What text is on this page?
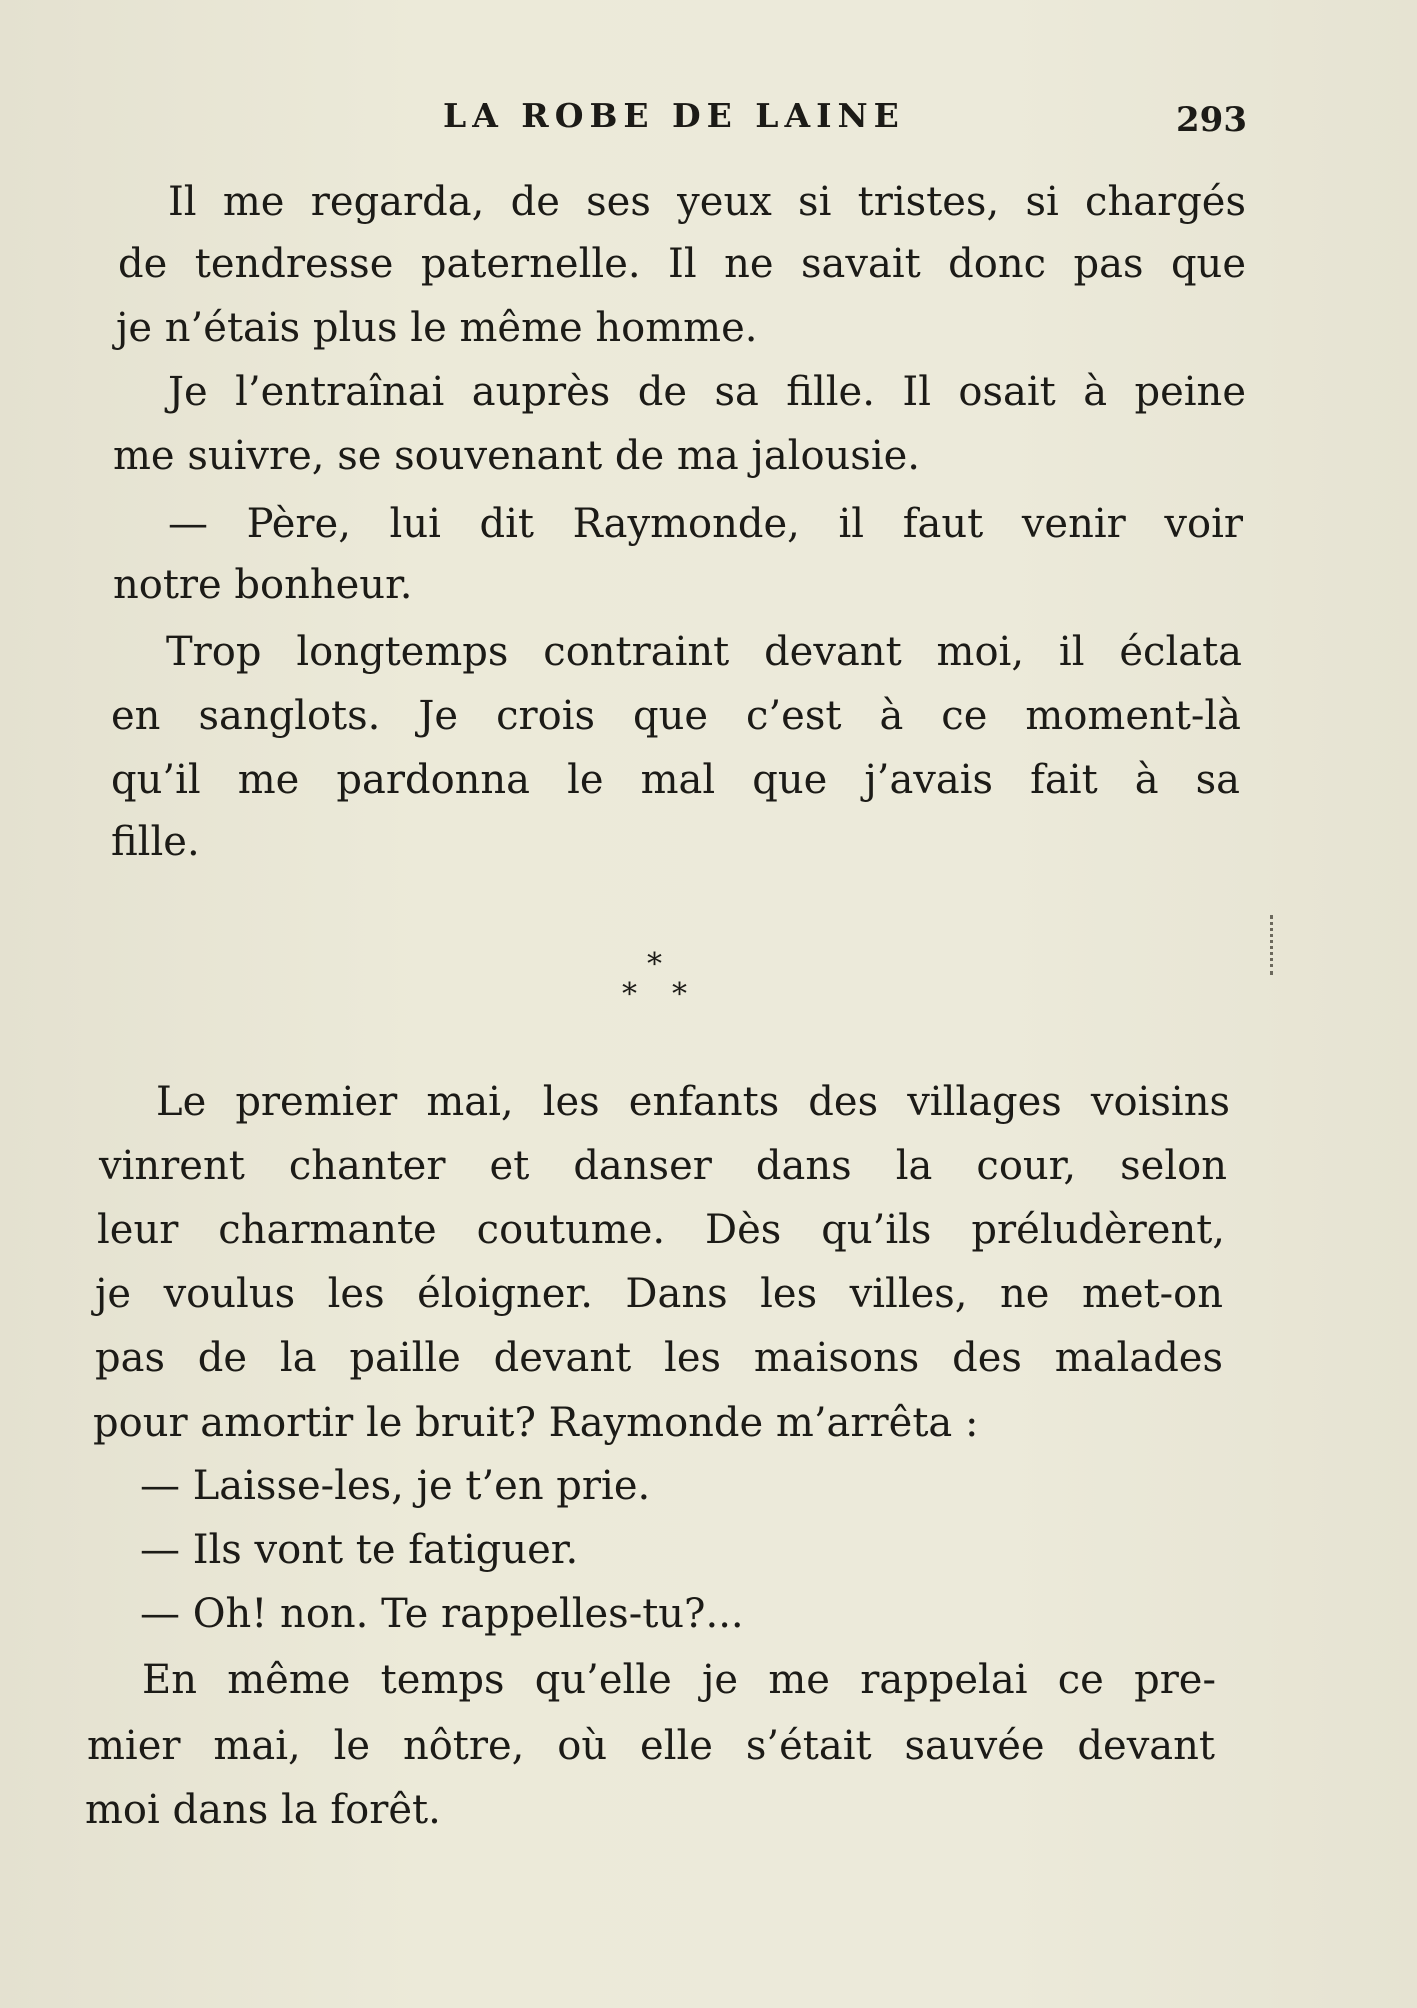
LA ROBE DE LAINE	293
Il me regarda, de ses yeux si tristes, si chargés
de tendresse paternelle. Il ne savait donc pas que
je n’étais plus le même homme.
Je l’entraînai auprès de sa fille. Il osait à peine
me suivre, se souvenant de ma jalousie.
— Père, lui dit Raymonde, il faut venir voir
notre bonheur.
Trop longtemps contraint devant moi, il éclata
en sanglots. Je crois que c’est à ce moment-là
qu’il me pardonna le mal que j’avais fait à sa
fille.
*
* *
Le premier mai, les enfants des villages voisins
vinrent chanter et danser dans la cour, selon
leur charmante coutume. Dès qu’ils préludèrent,
je voulus les éloigner. Dans les villes, ne met-on
pas de la paille devant les maisons des malades
pour amortir le bruit? Raymonde m’arrêta :
— Laisse-les, je t’en prie.
— Ils vont te fatiguer.
— Oh! non. Te rappelles-tu?...
En même temps qu’elle je me rappelai ce pre-
mier mai, le nôtre, où elle s’était sauvée devant
moi dans la forêt.
